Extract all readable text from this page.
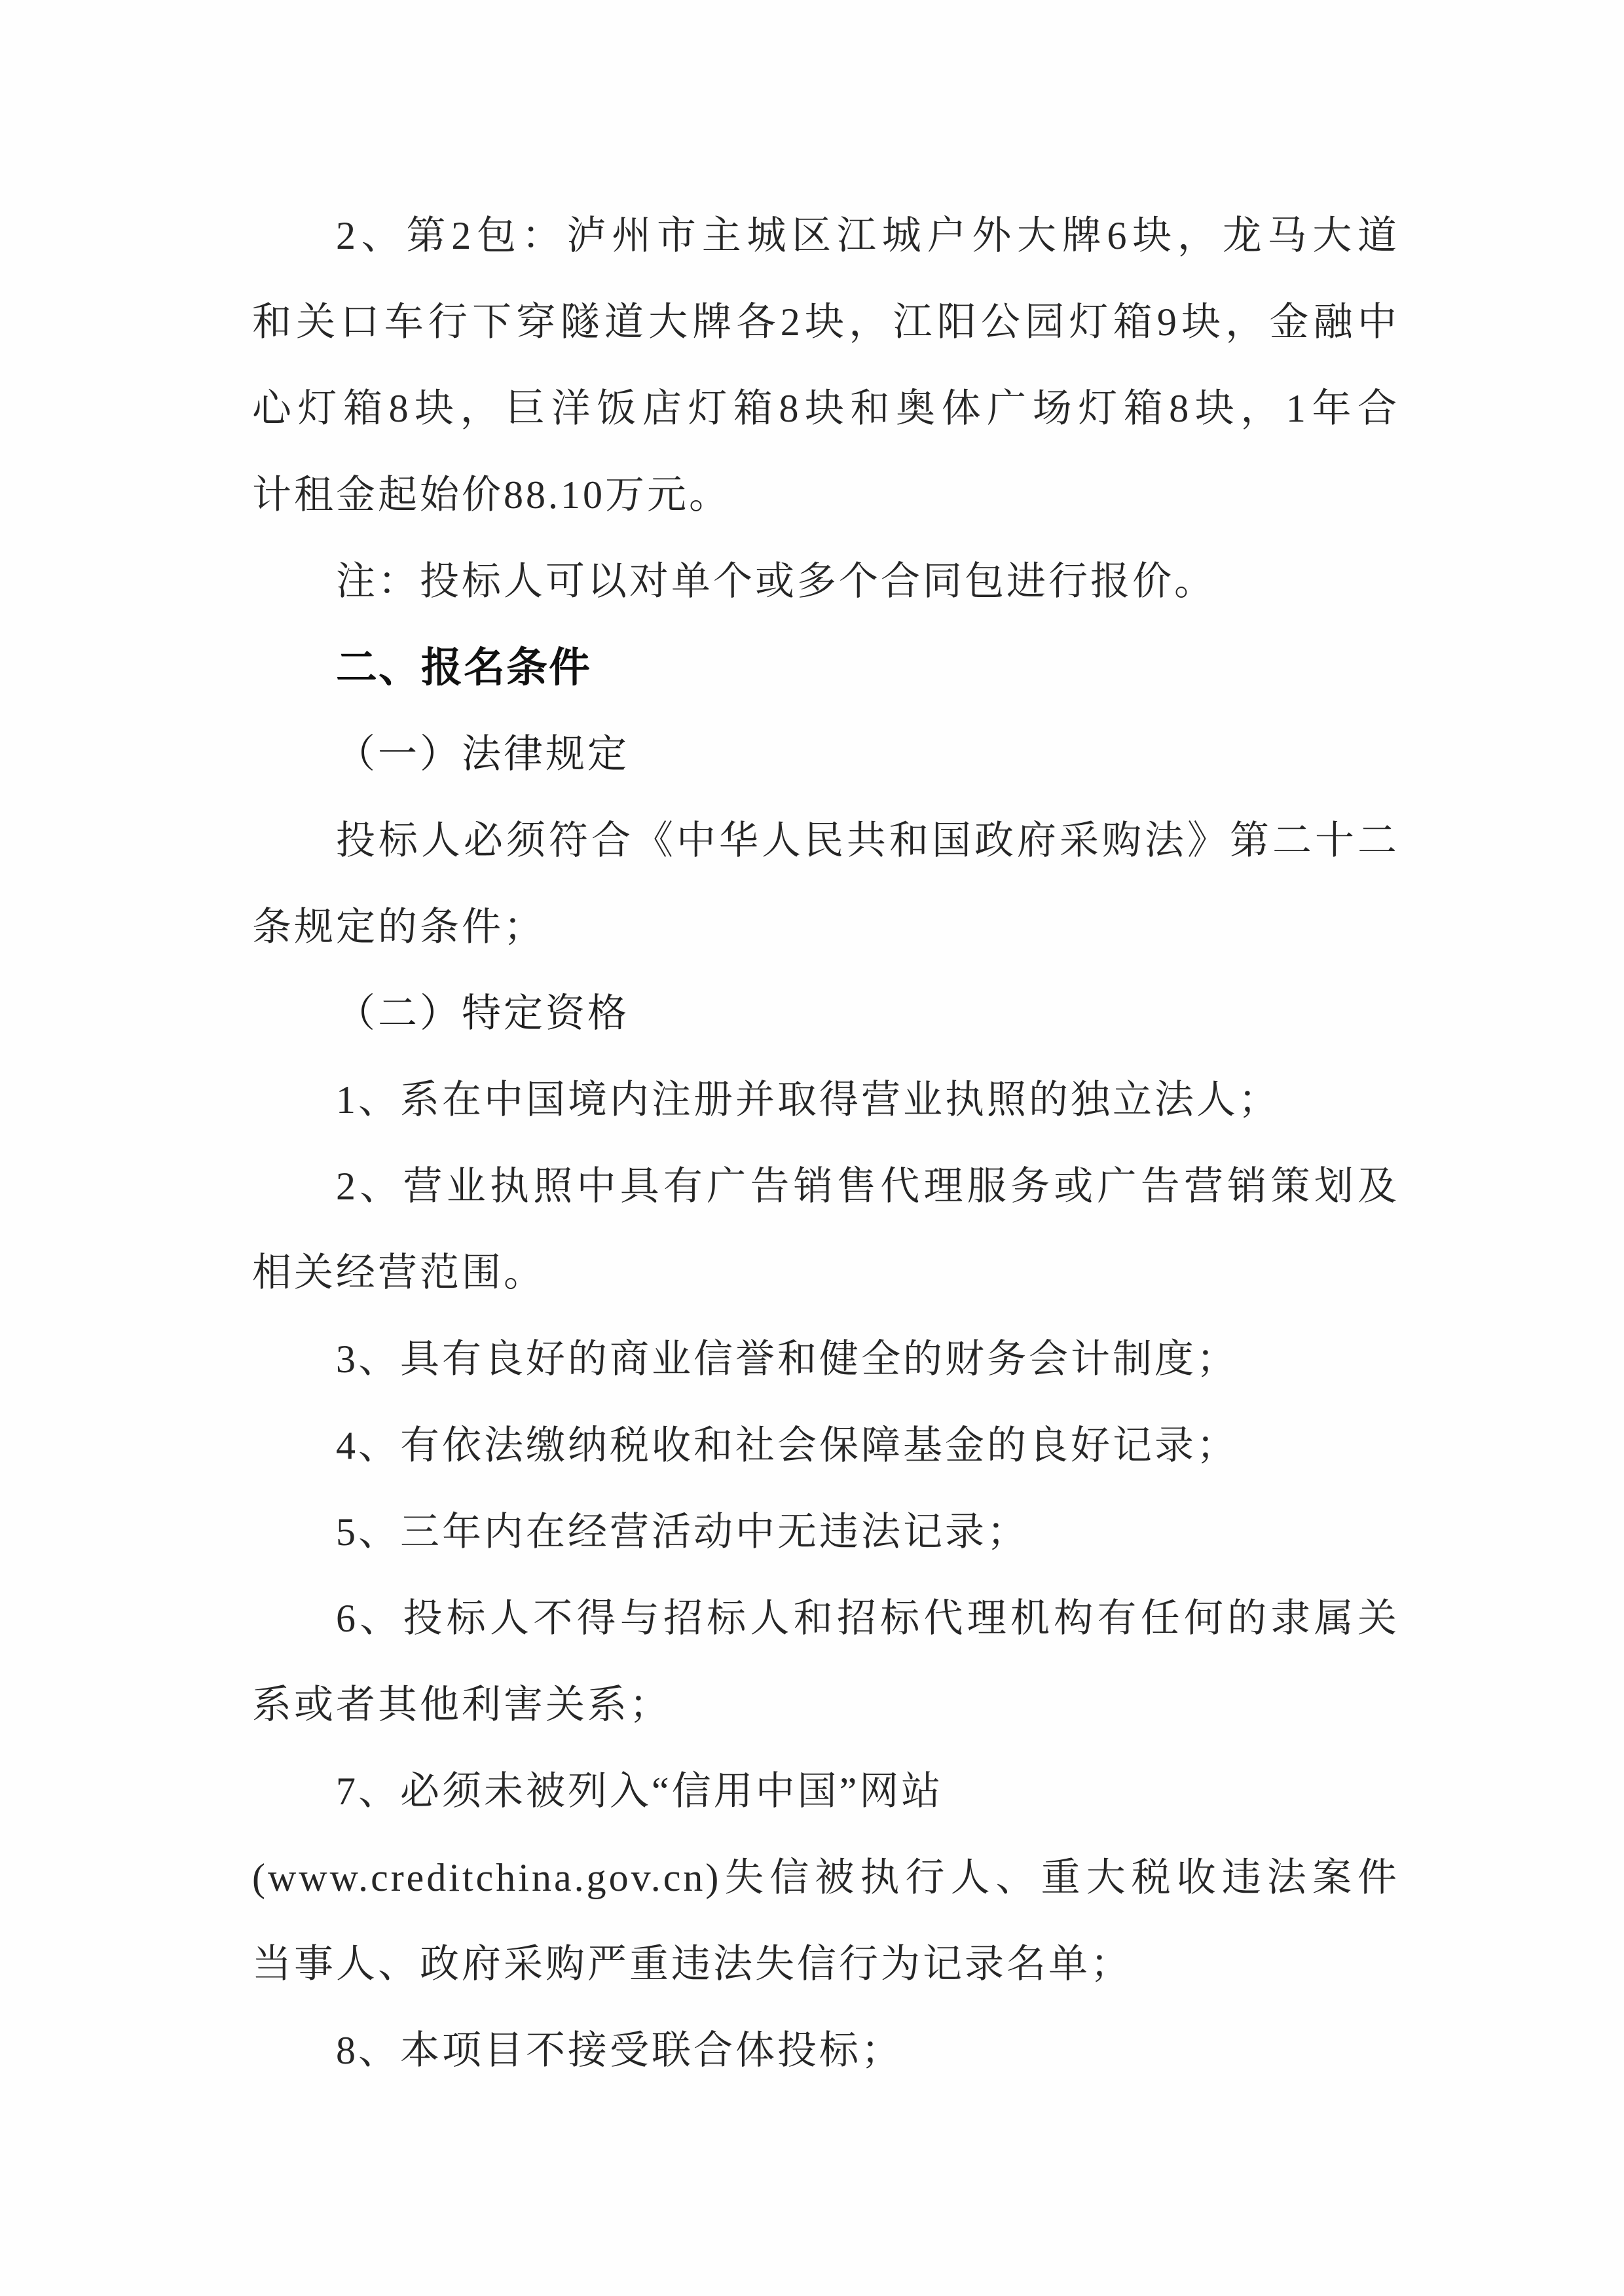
2、第2包：泸州市主城区江城户外大牌6块，龙马大道
和关口车行下穿隧道大牌各2块，江阳公园灯箱9块，金融中
心灯箱8块，巨洋饭店灯箱8块和奥体广场灯箱8块，1年合
计租金起始价88.10万元。
注：投标人可以对单个或多个合同包进行报价。
二、报名条件
（一）法律规定
投标人必须符合《中华人民共和国政府采购法》第二十二
条规定的条件；
（二）特定资格
1、系在中国境内注册并取得营业执照的独立法人；
2、营业执照中具有广告销售代理服务或广告营销策划及
相关经营范围。
3、具有良好的商业信誉和健全的财务会计制度；
4、有依法缴纳税收和社会保障基金的良好记录；
5、三年内在经营活动中无违法记录；
6、投标人不得与招标人和招标代理机构有任何的隶属关
系或者其他利害关系；
7、必须未被列入“信用中国”网站
(www.creditchina.gov.cn)失信被执行人、重大税收违法案件
当事人、政府采购严重违法失信行为记录名单；
8、本项目不接受联合体投标；
